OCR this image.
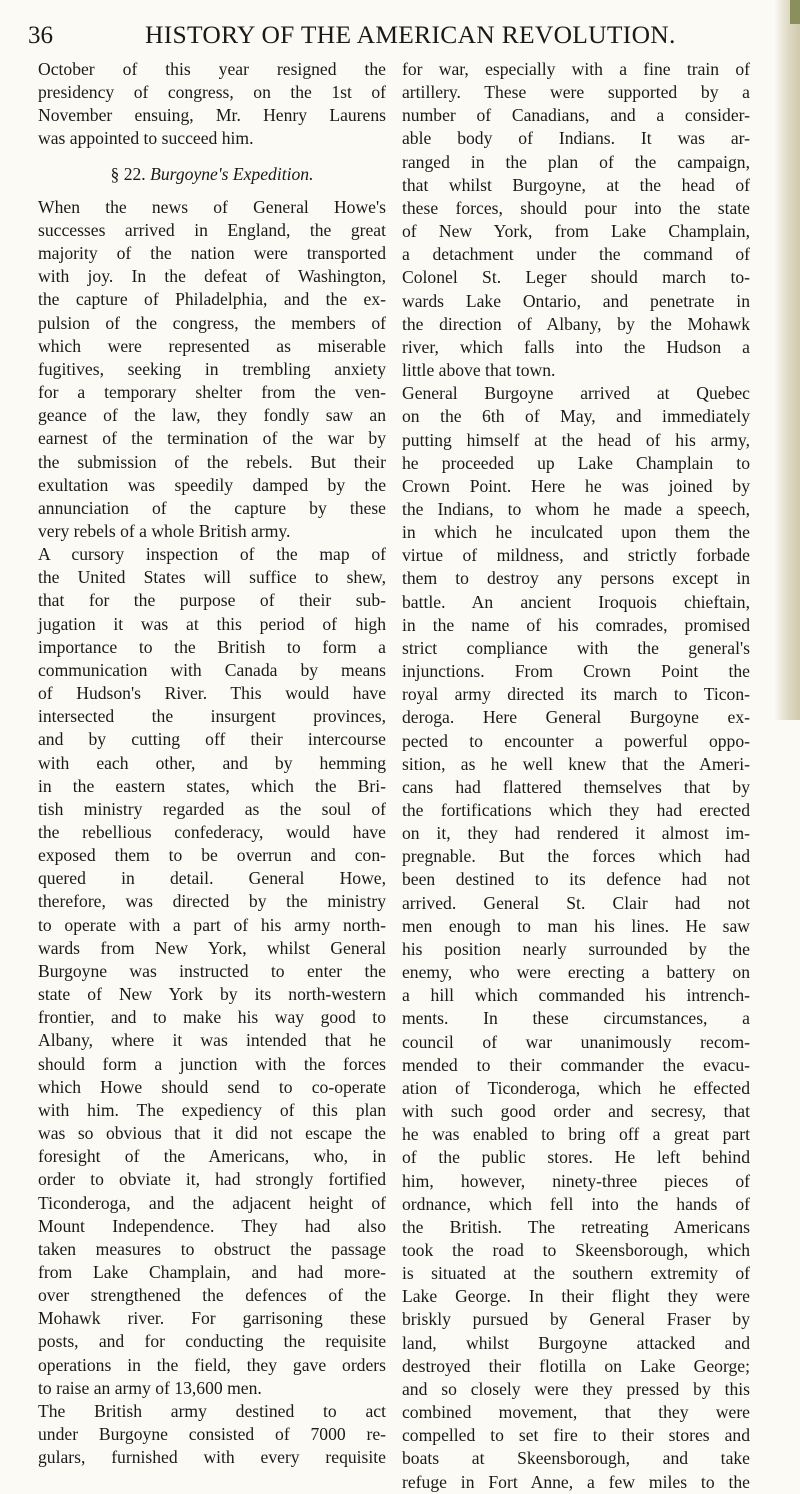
36	HISTORY OF THE AMERICAN REVOLUTION.

October of this year resigned the
presidency of congress, on the 1st of
November ensuing, Mr. Henry Laurens
was appointed to succeed him.

§ 22. Burgoyne's Expedition.

When the news of General Howe's
successes arrived in England, the great
majority of the nation were transported
with joy. In the defeat of Washington,
the capture of Philadelphia, and the ex-
pulsion of the congress, the members of
which were represented as miserable
fugitives, seeking in trembling anxiety
for a temporary shelter from the ven-
geance of the law, they fondly saw an
earnest of the termination of the war by
the submission of the rebels. But their
exultation was speedily damped by the
annunciation of the capture by these
very rebels of a whole British army.

A cursory inspection of the map of
the United States will suffice to shew,
that for the purpose of their sub-
jugation it was at this period of high
importance to the British to form a
communication with Canada by means
of Hudson's River. This would have
intersected the insurgent provinces,
and by cutting off their intercourse
with each other, and by hemming
in the eastern states, which the Bri-
tish ministry regarded as the soul of
the rebellious confederacy, would have
exposed them to be overrun and con-
quered in detail. General Howe,
therefore, was directed by the ministry
to operate with a part of his army north-
wards from New York, whilst General
Burgoyne was instructed to enter the
state of New York by its north-western
frontier, and to make his way good to
Albany, where it was intended that he
should form a junction with the forces
which Howe should send to co-operate
with him. The expediency of this plan
was so obvious that it did not escape the
foresight of the Americans, who, in
order to obviate it, had strongly fortified
Ticonderoga, and the adjacent height of
Mount Independence. They had also
taken measures to obstruct the passage
from Lake Champlain, and had more-
over strengthened the defences of the
Mohawk river. For garrisoning these
posts, and for conducting the requisite
operations in the field, they gave orders
to raise an army of 13,600 men.

The British army destined to act
under Burgoyne consisted of 7000 re-
gulars, furnished with every requisite

for war, especially with a fine train of
artillery. These were supported by a
number of Canadians, and a consider-
able body of Indians. It was ar-
ranged in the plan of the campaign,
that whilst Burgoyne, at the head of
these forces, should pour into the state
of New York, from Lake Champlain,
a detachment under the command of
Colonel St. Leger should march to-
wards Lake Ontario, and penetrate in
the direction of Albany, by the Mohawk
river, which falls into the Hudson a
little above that town.

General Burgoyne arrived at Quebec
on the 6th of May, and immediately
putting himself at the head of his army,
he proceeded up Lake Champlain to
Crown Point. Here he was joined by
the Indians, to whom he made a speech,
in which he inculcated upon them the
virtue of mildness, and strictly forbade
them to destroy any persons except in
battle. An ancient Iroquois chieftain,
in the name of his comrades, promised
strict compliance with the general's
injunctions. From Crown Point the
royal army directed its march to Ticon-
deroga. Here General Burgoyne ex-
pected to encounter a powerful oppo-
sition, as he well knew that the Ameri-
cans had flattered themselves that by
the fortifications which they had erected
on it, they had rendered it almost im-
pregnable. But the forces which had
been destined to its defence had not
arrived. General St. Clair had not
men enough to man his lines. He saw
his position nearly surrounded by the
enemy, who were erecting a battery on
a hill which commanded his intrench-
ments. In these circumstances, a
council of war unanimously recom-
mended to their commander the evacu-
ation of Ticonderoga, which he effected
with such good order and secresy, that
he was enabled to bring off a great part
of the public stores. He left behind
him, however, ninety-three pieces of
ordnance, which fell into the hands of
the British. The retreating Americans
took the road to Skeensborough, which
is situated at the southern extremity of
Lake George. In their flight they were
briskly pursued by General Fraser by
land, whilst Burgoyne attacked and
destroyed their flotilla on Lake George;
and so closely were they pressed by this
combined movement, that they were
compelled to set fire to their stores and
boats at Skeensborough, and take
refuge in Fort Anne, a few miles to the
